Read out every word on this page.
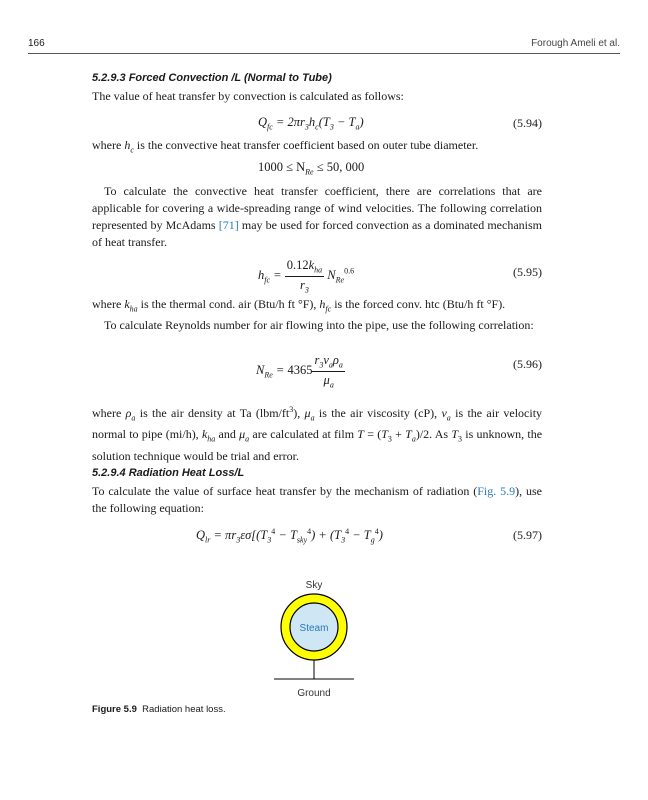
166	Forough Ameli et al.
5.2.9.3 Forced Convection /L (Normal to Tube)

The value of heat transfer by convection is calculated as follows:

$Q_{fc} = 2\pi r_3h_c(T_3 - T_a)$	(5.94)

where $h_c$ is the convective heat transfer coefficient based on outer tube diameter.

$1000 \le N_{Re} \le 50$, 000

To calculate the convective heat transfer coefficient, there are correlations that are applicable for covering a wide-spreading range of wind velocities. The following correlation represented by McAdams [71] may be used for forced convection as a dominated mechanism of heat transfer.

$h_{fc} = \frac{0.12k_{ha}}{r_3} N_{Re}^{0.6}$	(5.95)

where $k_{ha}$ is the thermal cond. air (Btu/h ft °F), $h_{fc}$ is the forced conv. htc (Btu/h ft °F).

To calculate Reynolds number for air flowing into the pipe, use the following correlation:

$N_{Re} = 4365 \frac{r_3v_a\rho_a}{\mu_a}$	(5.96)

where $\rho_a$ is the air density at Ta $(lbm/ft^3)$, $\mu_a$ is the air viscosity (cP), $v_a$ is the air velocity normal to pipe (mi/h), $k_{ha}$ and $\mu_a$ are calculated at film $T = (T_3 + T_a)/2$. As $T_3$ is unknown, the solution technique would be trial and error.

5.2.9.4 Radiation Heat Loss/L

To calculate the value of surface heat transfer by the mechanism of radiation (Fig. 5.9), use the following equation:

$Q_{lr} = \pi r_3\varepsilon\sigma[(T_3^4 - T_{sky}^4) + (T_3^4 - T_g^4)$	(5.97)
Sky
Steam
Ground
Figure 5.9 Radiation heat loss.
